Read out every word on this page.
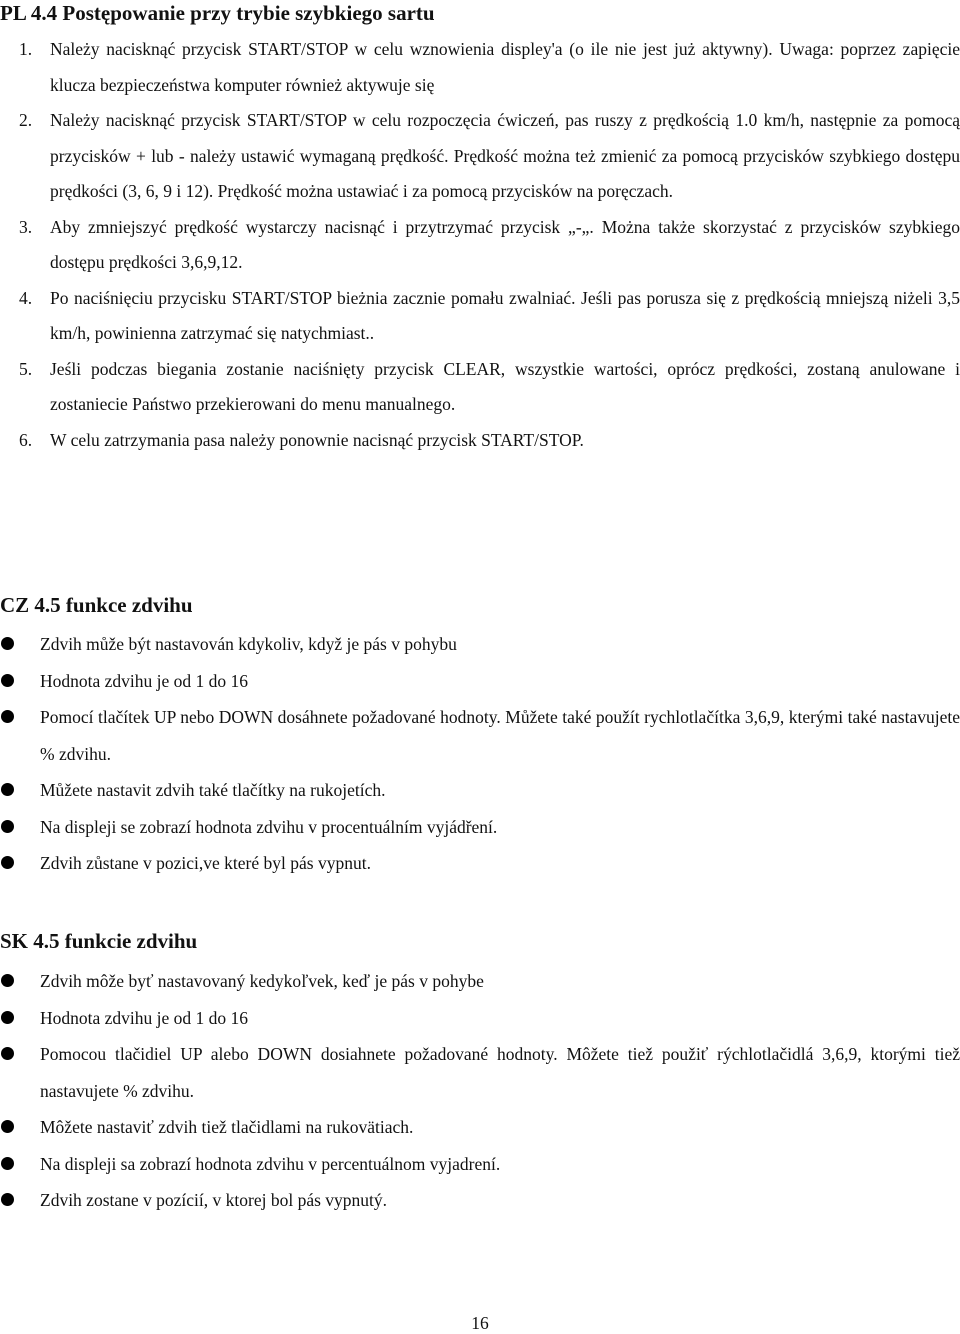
PL 4.4 Postępowanie przy trybie szybkiego sartu
1. Należy nacisknąć przycisk START/STOP w celu wznowienia displey'a (o ile nie jest już aktywny). Uwaga: poprzez zapięcie klucza bezpieczeństwa komputer również aktywuje się
2. Należy nacisknąć przycisk START/STOP w celu rozpoczęcia ćwiczeń, pas ruszy z prędkością 1.0 km/h, następnie za pomocą przycisków + lub - należy ustawić wymaganą prędkość. Prędkość można też zmienić za pomocą przycisków szybkiego dostępu prędkości (3, 6, 9 i 12). Prędkość można ustawiać i za pomocą przycisków na poręczach.
3. Aby zmniejszyć prędkość wystarczy nacisnąć i przytrzymać przycisk „-„. Można także skorzystać z przycisków szybkiego dostępu prędkości 3,6,9,12.
4. Po naciśnięciu przycisku START/STOP bieżnia zacznie pomału zwalniać. Jeśli pas porusza się z prędkością mniejszą niżeli 3,5 km/h, powinienna zatrzymać się natychmiast..
5. Jeśli podczas biegania zostanie naciśnięty przycisk CLEAR, wszystkie wartości, oprócz prędkości, zostaną anulowane i zostaniecie Państwo przekierowani do menu manualnego.
6. W celu zatrzymania pasa należy ponownie nacisnąć przycisk START/STOP.
CZ 4.5 funkce zdvihu
Zdvih může být nastavován kdykoliv, když je pás v pohybu
Hodnota zdvihu je od 1 do 16
Pomocí tlačítek UP nebo DOWN dosáhnete požadované hodnoty. Můžete také použít rychlotlačítka 3,6,9, kterými také nastavujete % zdvihu.
Můžete nastavit zdvih také tlačítky na rukojetích.
Na displeji se zobrazí hodnota zdvihu v procentuálním vyjádření.
Zdvih zůstane v pozici,ve které byl pás vypnut.
SK 4.5 funkcie zdvihu
Zdvih môže byť nastavovaný kedykoľvek, keď je pás v pohybe
Hodnota zdvihu je od 1 do 16
Pomocou tlačidiel UP alebo DOWN dosiahnete požadované hodnoty. Môžete tiež použiť rýchlotlačidlá 3,6,9, ktorými tiež nastavujete % zdvihu.
Môžete nastaviť zdvih tiež tlačidlami na rukovätiach.
Na displeji sa zobrazí hodnota zdvihu v percentuálnom vyjadrení.
Zdvih zostane v pozícií, v ktorej bol pás vypnutý.
16
